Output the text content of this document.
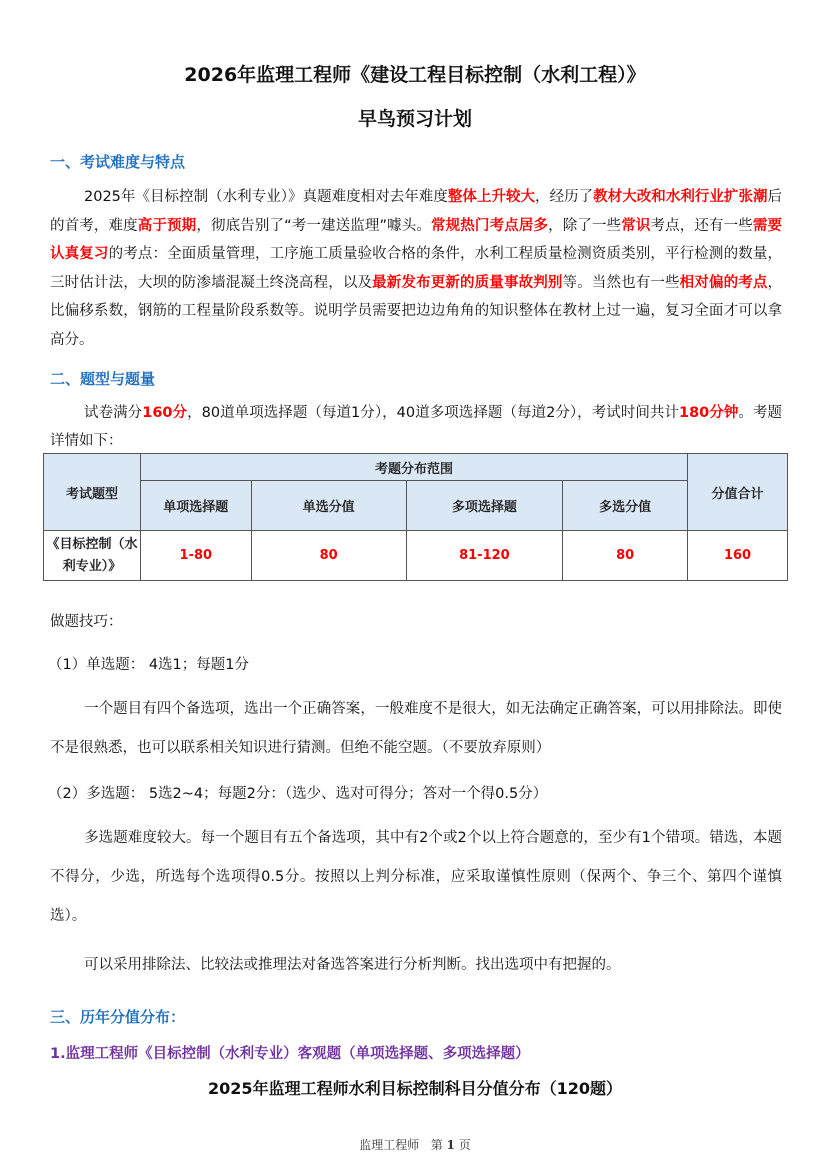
2026年监理工程师《建设工程目标控制（水利工程）》
早鸟预习计划
一、考试难度与特点
2025年《目标控制（水利专业）》真题难度相对去年难度整体上升较大，经历了教材大改和水利行业扩张潮后的首考，难度高于预期，彻底告别了“考一建送监理”噱头。常规热门考点居多，除了一些常识考点，还有一些需要认真复习的考点：全面质量管理，工序施工质量验收合格的条件，水利工程质量检测资质类别，平行检测的数量，三时估计法，大坝的防渗墙混凝土终浇高程，以及最新发布更新的质量事故判别等。当然也有一些相对偏的考点，比偏移系数，钢筋的工程量阶段系数等。说明学员需要把边边角角的知识整体在教材上过一遍，复习全面才可以拿高分。
二、题型与题量
试卷满分160分，80道单项选择题（每道1分），40道多项选择题（每道2分），考试时间共计180分钟。考题详情如下：
考试题型	考题分布范围				分值合计
	单项选择题	单选分值	多项选择题	多选分值	
《目标控制（水利专业）》	1-80	80	81-120	80	160
做题技巧：
（1）单选题： 4选1；每题1分
一个题目有四个备选项，选出一个正确答案，一般难度不是很大，如无法确定正确答案，可以用排除法。即使不是很熟悉，也可以联系相关知识进行猜测。但绝不能空题。（不要放弃原则）
（2）多选题： 5选2~4；每题2分：（选少、选对可得分；答对一个得0.5分）
多选题难度较大。每一个题目有五个备选项，其中有2个或2个以上符合题意的，至少有1个错项。错选，本题不得分，少选，所选每个选项得0.5分。按照以上判分标准，应采取谨慎性原则（保两个、争三个、第四个谨慎选）。
可以采用排除法、比较法或推理法对备选答案进行分析判断。找出选项中有把握的。
三、历年分值分布：
1.监理工程师《目标控制（水利专业）客观题（单项选择题、多项选择题）
2025年监理工程师水利目标控制科目分值分布（120题）
监理工程师 第 1 页
